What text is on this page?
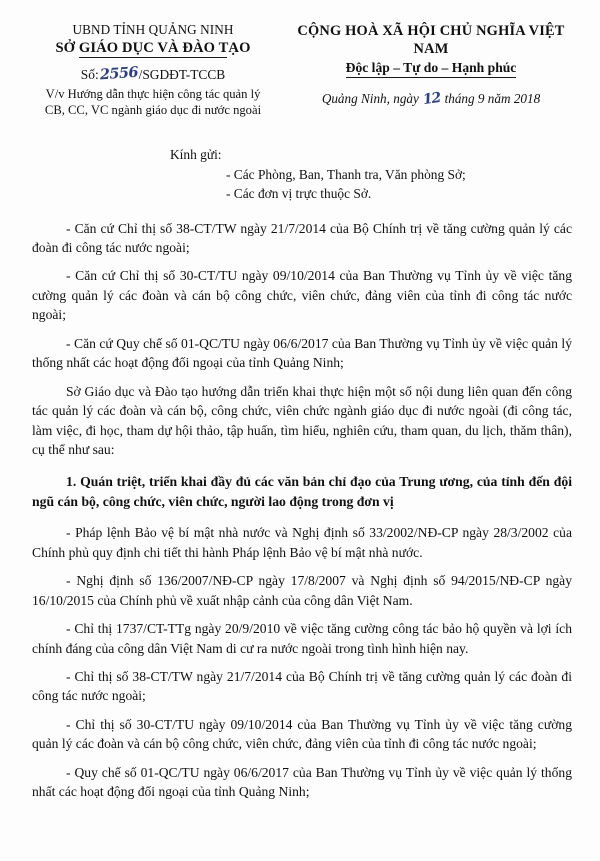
UBND TỈNH QUẢNG NINH
SỞ GIÁO DỤC VÀ ĐÀO TẠO
Số:2556/SGDĐT-TCCB
V/v Hướng dẫn thực hiện công tác quản lý
CB, CC, VC ngành giáo dục đi nước ngoài
CỘNG HOÀ XÃ HỘI CHỦ NGHĨA VIỆT NAM
Độc lập – Tự do – Hạnh phúc
Quảng Ninh, ngày 12 tháng 9 năm 2018
Kính gửi:
- Các Phòng, Ban, Thanh tra, Văn phòng Sở;
- Các đơn vị trực thuộc Sở.

- Căn cứ Chỉ thị số 38-CT/TW ngày 21/7/2014 của Bộ Chính trị về tăng cường quản lý các đoàn đi công tác nước ngoài;

- Căn cứ Chỉ thị số 30-CT/TU ngày 09/10/2014 của Ban Thường vụ Tỉnh ủy về việc tăng cường quản lý các đoàn và cán bộ công chức, viên chức, đảng viên của tỉnh đi công tác nước ngoài;

- Căn cứ Quy chế số 01-QC/TU ngày 06/6/2017 của Ban Thường vụ Tỉnh ủy về việc quản lý thống nhất các hoạt động đối ngoại của tỉnh Quảng Ninh;

Sở Giáo dục và Đào tạo hướng dẫn triển khai thực hiện một số nội dung liên quan đến công tác quản lý các đoàn và cán bộ, công chức, viên chức ngành giáo dục đi nước ngoài (đi công tác, làm việc, đi học, tham dự hội thảo, tập huấn, tìm hiểu, nghiên cứu, tham quan, du lịch, thăm thân), cụ thể như sau:

1. Quán triệt, triển khai đầy đủ các văn bản chỉ đạo của Trung ương, của tỉnh đến đội ngũ cán bộ, công chức, viên chức, người lao động trong đơn vị

- Pháp lệnh Bảo vệ bí mật nhà nước và Nghị định số 33/2002/NĐ-CP ngày 28/3/2002 của Chính phủ quy định chi tiết thi hành Pháp lệnh Bảo vệ bí mật nhà nước.

- Nghị định số 136/2007/NĐ-CP ngày 17/8/2007 và Nghị định số 94/2015/NĐ-CP ngày 16/10/2015 của Chính phủ về xuất nhập cảnh của công dân Việt Nam.

- Chỉ thị 1737/CT-TTg ngày 20/9/2010 về việc tăng cường công tác bảo hộ quyền và lợi ích chính đáng của công dân Việt Nam di cư ra nước ngoài trong tình hình hiện nay.

- Chỉ thị số 38-CT/TW ngày 21/7/2014 của Bộ Chính trị về tăng cường quản lý các đoàn đi công tác nước ngoài;

- Chỉ thị số 30-CT/TU ngày 09/10/2014 của Ban Thường vụ Tỉnh ủy về việc tăng cường quản lý các đoàn và cán bộ công chức, viên chức, đảng viên của tỉnh đi công tác nước ngoài;

- Quy chế số 01-QC/TU ngày 06/6/2017 của Ban Thường vụ Tỉnh ủy về việc quản lý thống nhất các hoạt động đối ngoại của tỉnh Quảng Ninh;
